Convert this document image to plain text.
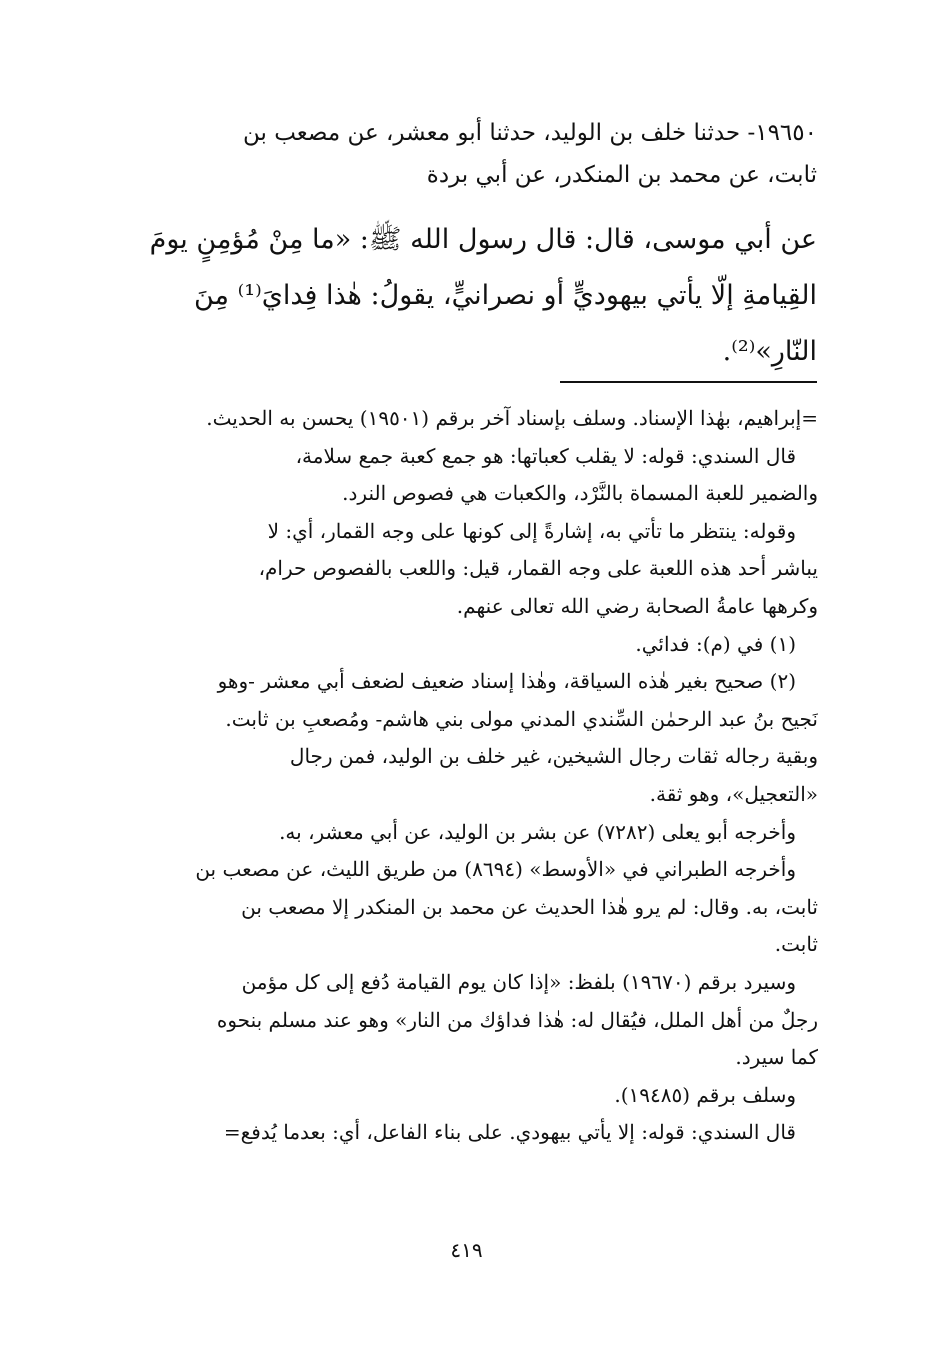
١٩٦٥٠- حدثنا خلف بن الوليد، حدثنا أبو معشر، عن مصعب بن
ثابت، عن محمد بن المنكدر، عن أبي بردة
عن أبي موسى، قال: قال رسول الله ﷺ: «ما مِنْ مُؤمِنٍ يومَ
القِيامةِ إلّا يأتي بيهوديٍّ أو نصرانيٍّ، يقولُ: هٰذا فِدايَ⁽¹⁾ مِنَ
النّارِ»⁽²⁾.
=إبراهيم، بهٰذا الإسناد. وسلف بإسناد آخر برقم (١٩٥٠١) يحسن به الحديث.
قال السندي: قوله: لا يقلب كعباتها: هو جمع كعبة جمع سلامة،
والضمير للعبة المسماة بالنَّرْد، والكعبات هي فصوص النرد.
وقوله: ينتظر ما تأتي به، إشارةً إلى كونها على وجه القمار، أي: لا
يباشر أحد هذه اللعبة على وجه القمار، قيل: واللعب بالفصوص حرام،
وكرهها عامةُ الصحابة رضي الله تعالى عنهم.
(١) في (م): فدائي.
(٢) صحيح بغير هٰذه السياقة، وهٰذا إسناد ضعيف لضعف أبي معشر -وهو
نَجيح بنُ عبد الرحمٰن السِّندي المدني مولى بني هاشم- ومُصعبِ بن ثابت.
وبقية رجاله ثقات رجال الشيخين، غير خلف بن الوليد، فمن رجال
«التعجيل»، وهو ثقة.
وأخرجه أبو يعلى (٧٢٨٢) عن بشر بن الوليد، عن أبي معشر، به.
وأخرجه الطبراني في «الأوسط» (٨٦٩٤) من طريق الليث، عن مصعب بن
ثابت، به. وقال: لم يرو هٰذا الحديث عن محمد بن المنكدر إلا مصعب بن
ثابت.
وسيرد برقم (١٩٦٧٠) بلفظ: «إذا كان يوم القيامة دُفع إلى كل مؤمن
رجلٌ من أهل الملل، فيُقال له: هٰذا فداؤك من النار» وهو عند مسلم بنحوه
كما سيرد.
وسلف برقم (١٩٤٨٥).
قال السندي: قوله: إلا يأتي بيهودي. على بناء الفاعل، أي: بعدما يُدفع=
٤١٩
